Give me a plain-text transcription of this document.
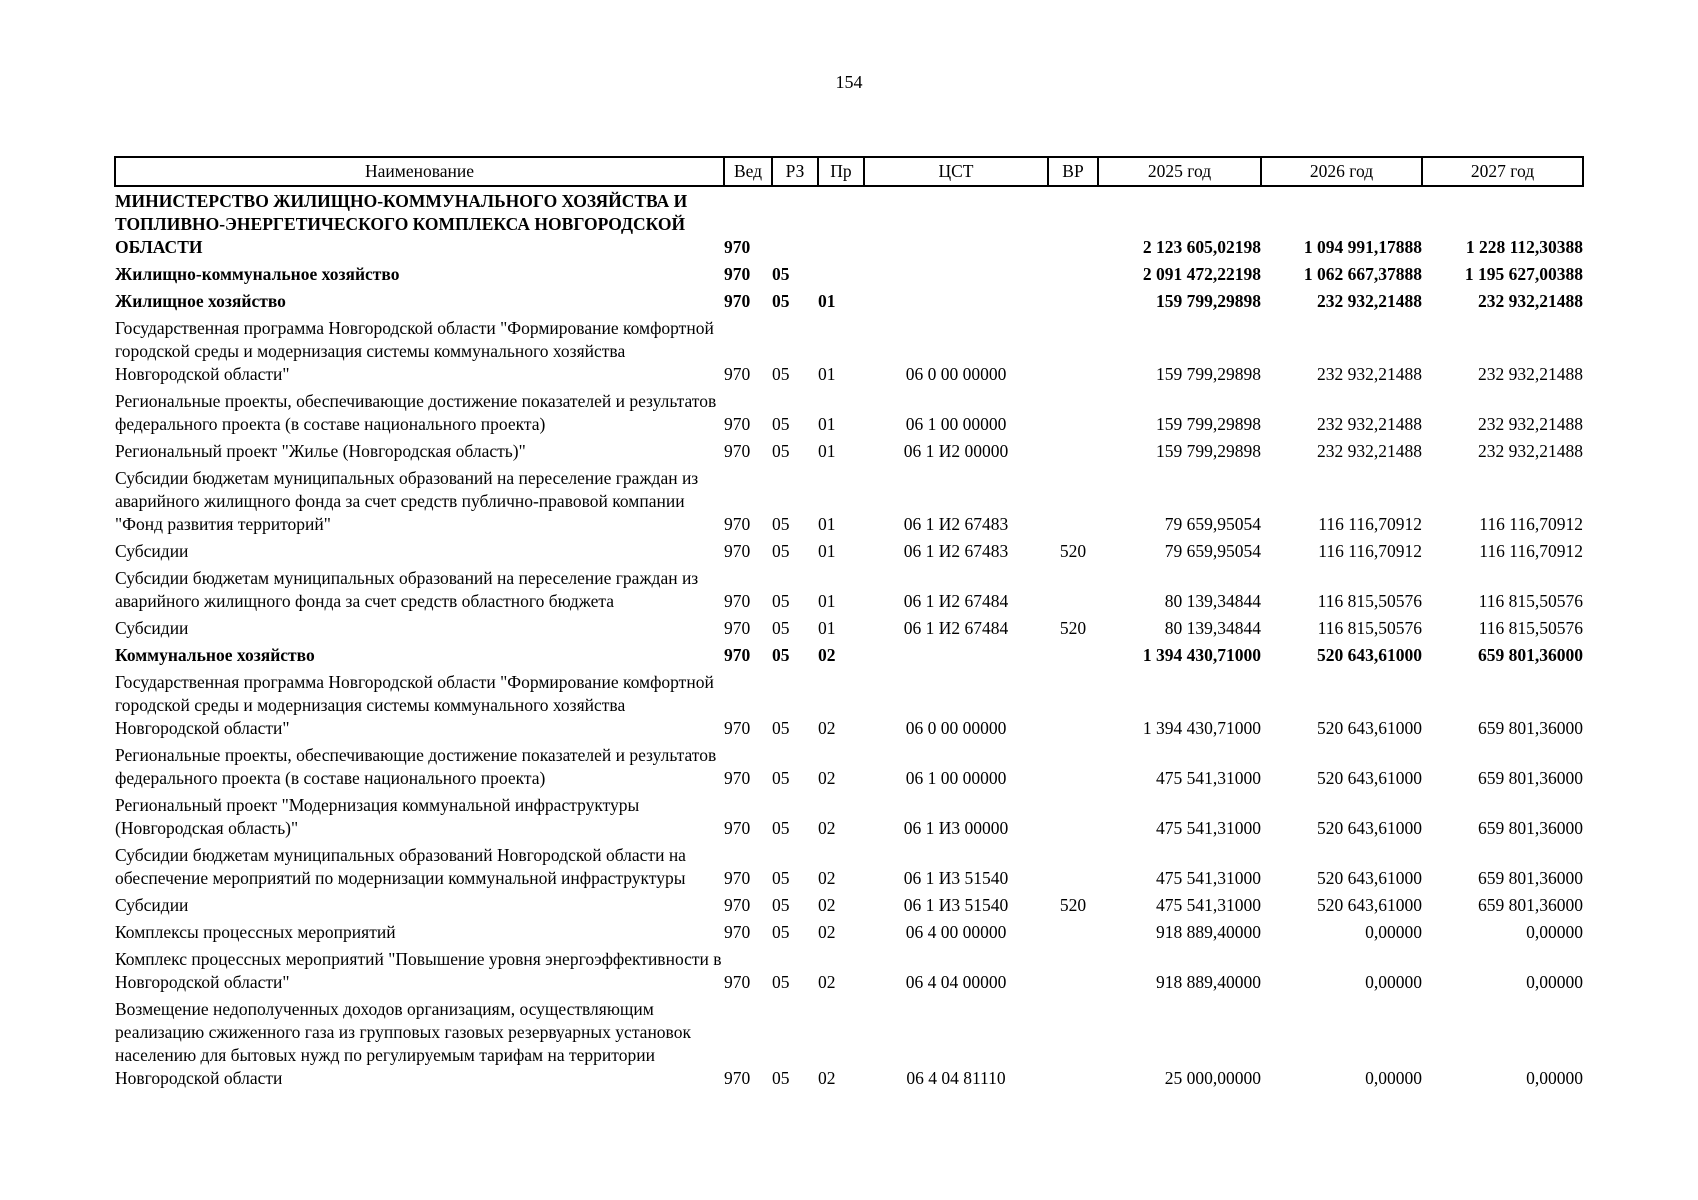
154
Наименование	Вед	РЗ	Пр	ЦСТ	ВР	2025 год	2026 год	2027 год
МИНИСТЕРСТВО ЖИЛИЩНО-КОММУНАЛЬНОГО ХОЗЯЙСТВА И ТОПЛИВНО-ЭНЕРГЕТИЧЕСКОГО КОМПЛЕКСА НОВГОРОДСКОЙ ОБЛАСТИ	970					2 123 605,02198	1 094 991,17888	1 228 112,30388
Жилищно-коммунальное хозяйство	970	05				2 091 472,22198	1 062 667,37888	1 195 627,00388
Жилищное хозяйство	970	05	01			159 799,29898	232 932,21488	232 932,21488
Государственная программа Новгородской области "Формирование комфортной городской среды и модернизация системы коммунального хозяйства Новгородской области"	970	05	01	06 0 00 00000		159 799,29898	232 932,21488	232 932,21488
Региональные проекты, обеспечивающие достижение показателей и результатов федерального проекта (в составе национального проекта)	970	05	01	06 1 00 00000		159 799,29898	232 932,21488	232 932,21488
Региональный проект "Жилье (Новгородская область)"	970	05	01	06 1 И2 00000		159 799,29898	232 932,21488	232 932,21488
Субсидии бюджетам муниципальных образований на переселение граждан из аварийного жилищного фонда за счет средств публично-правовой компании "Фонд развития территорий"	970	05	01	06 1 И2 67483		79 659,95054	116 116,70912	116 116,70912
Субсидии	970	05	01	06 1 И2 67483	520	79 659,95054	116 116,70912	116 116,70912
Субсидии бюджетам муниципальных образований на переселение граждан из аварийного жилищного фонда за счет средств областного бюджета	970	05	01	06 1 И2 67484		80 139,34844	116 815,50576	116 815,50576
Субсидии	970	05	01	06 1 И2 67484	520	80 139,34844	116 815,50576	116 815,50576
Коммунальное хозяйство	970	05	02			1 394 430,71000	520 643,61000	659 801,36000
Государственная программа Новгородской области "Формирование комфортной городской среды и модернизация системы коммунального хозяйства Новгородской области"	970	05	02	06 0 00 00000		1 394 430,71000	520 643,61000	659 801,36000
Региональные проекты, обеспечивающие достижение показателей и результатов федерального проекта (в составе национального проекта)	970	05	02	06 1 00 00000		475 541,31000	520 643,61000	659 801,36000
Региональный проект "Модернизация коммунальной инфраструктуры (Новгородская область)"	970	05	02	06 1 И3 00000		475 541,31000	520 643,61000	659 801,36000
Субсидии бюджетам муниципальных образований Новгородской области на обеспечение мероприятий по модернизации коммунальной инфраструктуры	970	05	02	06 1 И3 51540		475 541,31000	520 643,61000	659 801,36000
Субсидии	970	05	02	06 1 И3 51540	520	475 541,31000	520 643,61000	659 801,36000
Комплексы процессных мероприятий	970	05	02	06 4 00 00000		918 889,40000	0,00000	0,00000
Комплекс процессных мероприятий "Повышение уровня энергоэффективности в Новгородской области"	970	05	02	06 4 04 00000		918 889,40000	0,00000	0,00000
Возмещение недополученных доходов организациям, осуществляющим реализацию сжиженного газа из групповых газовых резервуарных установок населению для бытовых нужд по регулируемым тарифам на территории Новгородской области	970	05	02	06 4 04 81110		25 000,00000	0,00000	0,00000
